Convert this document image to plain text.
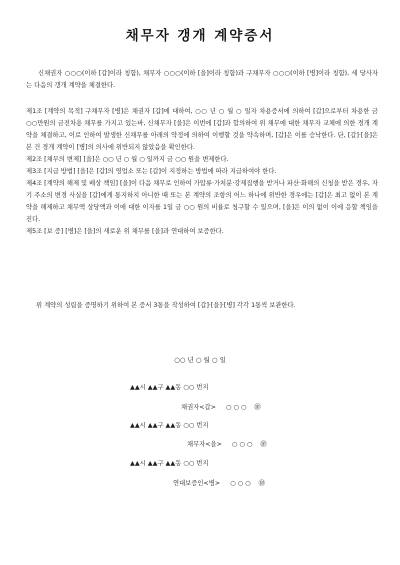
채무자 갱개 계약증서

신채권자 ○○○(이하 [갑]이라 칭함), 채무자 ○○○(이하 [을]이라 칭함)과 구채무자 ○○○(이하 [병]이라 칭함), 세 당사자는 다음의 갱개 계약을 체결한다.

제1조 [계약의 목적] 구채무자 [병]은 채권자 [갑]에 대하여, ○○ 년 ○ 월 ○ 일자 차용증서에 의하여 [갑]으로부터 차용한 금 ○○만원의 금전차용 채무를 가지고 있는바, 신채무자 [을]은 이번에 [갑]과 합의하여 위 채무에 대한 채무자 교체에 의한 경개 계약을 체결하고, 이로 인하여 발생한 신채무를 아래의 약정에 의하여 이행할 것을 약속하며, [갑]은 이를 승낙한다. 단, [갑]·[을]은 본 건 경개 계약이 [병]의 의사에 위반되지 않았음을 확인한다.
제2조 [채무의 변제] [을]은 ○○ 년 ○ 월 ○ 일까지 금 ○○ 원을 변제한다.
제3조 [지급 방법] [을]은 [갑]의 영업소 또는 [갑]이 지정하는 방법에 따라 지급하여야 한다.
제4조 [계약의 해제 및 배상 책임] [을]이 다음 채무로 인하여 가압류·가처분·강제집행을 받거나 파산·화해의 신청을 받은 경우, 자기 주소의 변경 사실을 [갑]에게 통지하지 아니한 때 또는 본 계약의 조항의 어느 하나에 위반한 경우에는 [갑]은 최고 없이 본 계약을 해제하고 채무액 상당액과 이에 대한 이자를 1일 금 ○○ 원의 비율로 청구할 수 있으며, [을]은 이의 없이 이에 응할 책임을 진다.
제5조 [보 증] [병]은 [을]의 새로운 위 채무를 [을]과 연대하여 보증한다.

위 계약의 성립을 증명하기 위하여 본 증서 3통을 작성하여 [갑]·[을]·[병] 각각 1통씩 보관한다.

○○ 년 ○ 월 ○ 일
▲▲시 ▲▲구 ▲▲동 ○○ 번지
채권자<갑> ○ ○ ○ ㊞
▲▲시 ▲▲구 ▲▲동 ○○ 번지
채무자<을> ○ ○ ○ ㊞
▲▲시 ▲▲구 ▲▲동 ○○ 번지
연대보증인<병> ○ ○ ○ ㊞
